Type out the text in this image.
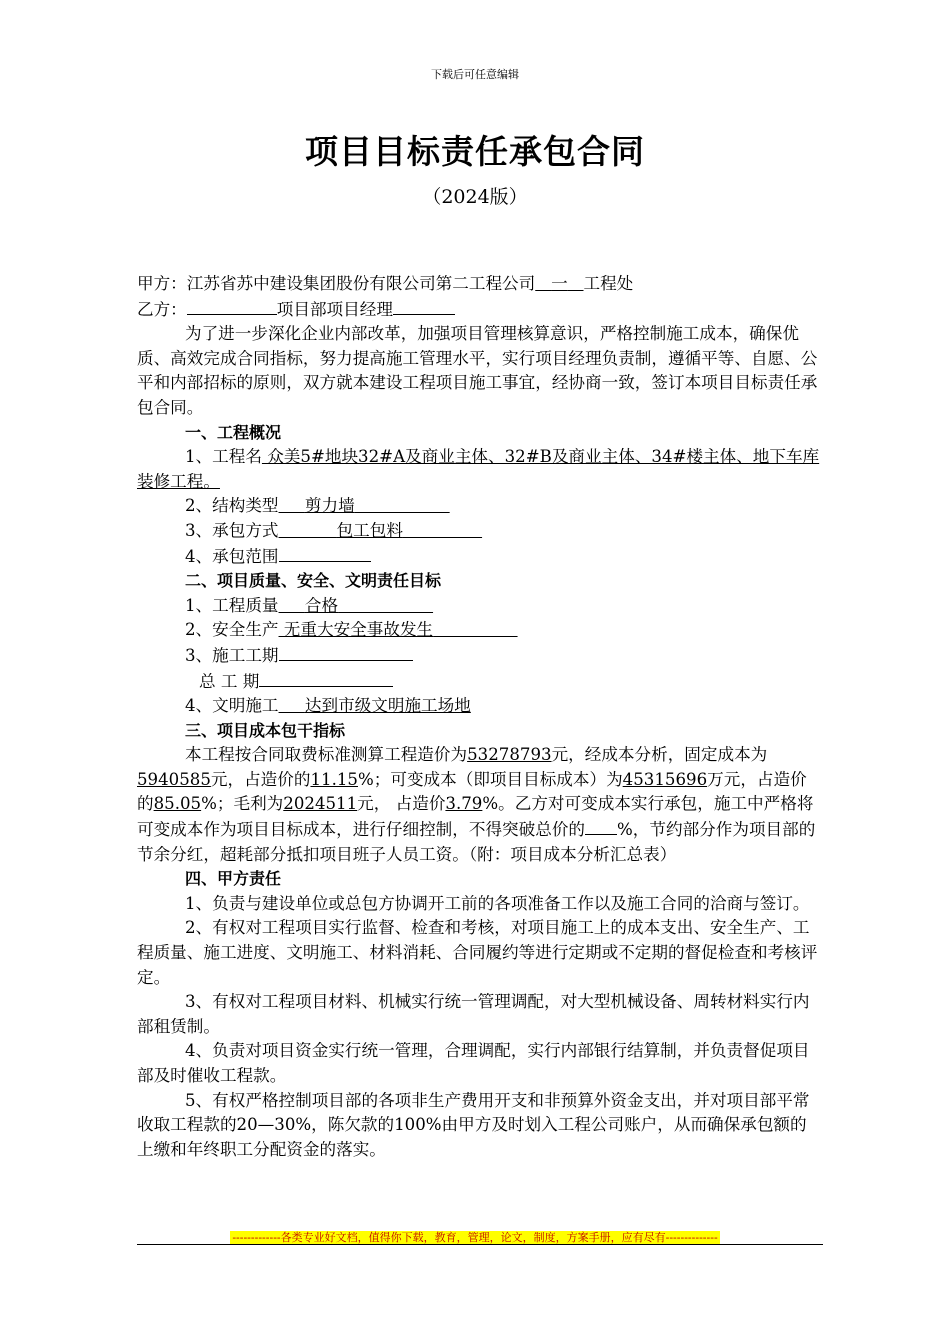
下载后可任意编辑
项目目标责任承包合同
（2024版）

甲方：江苏省苏中建设集团股份有限公司第二工程公司 一 工程处

乙方：	项目部项目经理

为了进一步深化企业内部改革，加强项目管理核算意识，严格控制施工成本，确保优质、高效完成合同指标，努力提高施工管理水平，实行项目经理负责制，遵循平等、自愿、公平和内部招标的原则，双方就本建设工程项目施工事宜，经协商一致，签订本项目目标责任承包合同。

一、工程概况

1、工程名 众美5#地块32#A及商业主体、32#B及商业主体、34#楼主体、地下车库装修工程。

2、结构类型 剪力墙

3、承包方式	包工包料

4、承包范围

二、项目质量、安全、文明责任目标

1、工程质量 合格

2、安全生产 无重大安全事故发生

3、施工工期

总 工 期

4、文明施工 达到市级文明施工场地

三、项目成本包干指标

本工程按合同取费标准测算工程造价为53278793元，经成本分析，固定成本为5940585元，占造价的11.15%；可变成本（即项目目标成本）为45315696万元，占造价的85.05%；毛利为2024511元， 占造价3.79%。乙方对可变成本实行承包，施工中严格将可变成本作为项目目标成本，进行仔细控制，不得突破总价的 %，节约部分作为项目部的节余分红，超耗部分抵扣项目班子人员工资。（附：项目成本分析汇总表）

四、甲方责任

1、负责与建设单位或总包方协调开工前的各项准备工作以及施工合同的洽商与签订。

2、有权对工程项目实行监督、检查和考核，对项目施工上的成本支出、安全生产、工程质量、施工进度、文明施工、材料消耗、合同履约等进行定期或不定期的督促检查和考核评定。

3、有权对工程项目材料、机械实行统一管理调配，对大型机械设备、周转材料实行内部租赁制。

4、负责对项目资金实行统一管理，合理调配，实行内部银行结算制，并负责督促项目部及时催收工程款。

5、有权严格控制项目部的各项非生产费用开支和非预算外资金支出，并对项目部平常收取工程款的20—30%，陈欠款的100%由甲方及时划入工程公司账户，从而确保承包额的上缴和年终职工分配资金的落实。

-------------各类专业好文档，值得你下载，教育，管理，论文，制度，方案手册，应有尽有--------------
